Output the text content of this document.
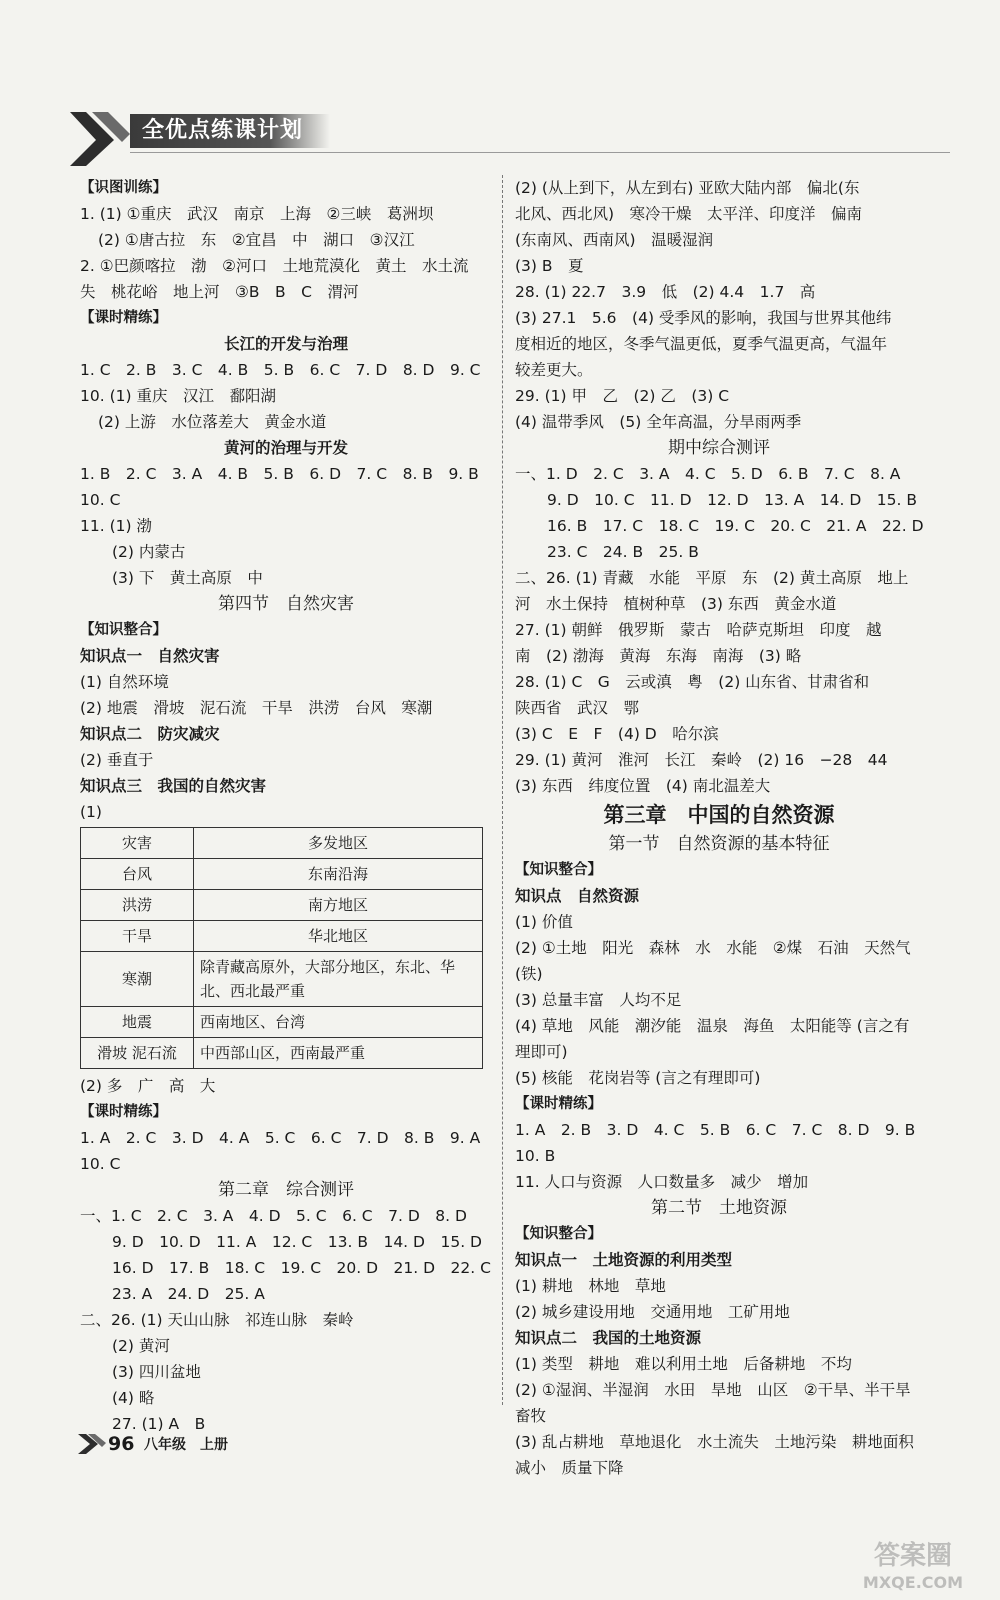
全优点练课计划
【识图训练】
1. (1) ①重庆　武汉　南京　上海　②三峡　葛洲坝
(2) ①唐古拉　东　②宜昌　中　湖口　③汉江
2. ①巴颜喀拉　渤　②河口　土地荒漠化　黄土　水土流
失　桃花峪　地上河　③B　B　C　渭河
【课时精练】
长江的开发与治理
1. C　2. B　3. C　4. B　5. B　6. C　7. D　8. D　9. C
10. (1) 重庆　汉江　鄱阳湖
(2) 上游　水位落差大　黄金水道
黄河的治理与开发
1. B　2. C　3. A　4. B　5. B　6. D　7. C　8. B　9. B
10. C
11. (1) 渤
(2) 内蒙古
(3) 下　黄土高原　中
第四节　自然灾害
【知识整合】
知识点一　自然灾害
(1) 自然环境
(2) 地震　滑坡　泥石流　干旱　洪涝　台风　寒潮
知识点二　防灾减灾
(2) 垂直于
知识点三　我国的自然灾害
(1)
灾害	多发地区
台风	东南沿海
洪涝	南方地区
干旱	华北地区
寒潮	除青藏高原外，大部分地区，东北、华北、西北最严重
地震	西南地区、台湾
滑坡 泥石流	中西部山区，西南最严重
(2) 多　广　高　大
【课时精练】
1. A　2. C　3. D　4. A　5. C　6. C　7. D　8. B　9. A
10. C
第二章　综合测评
一、1. C　2. C　3. A　4. D　5. C　6. C　7. D　8. D
9. D　10. D　11. A　12. C　13. B　14. D　15. D
16. D　17. B　18. C　19. C　20. D　21. D　22. C
23. A　24. D　25. A
二、26. (1) 天山山脉　祁连山脉　秦岭
(2) 黄河
(3) 四川盆地
(4) 略
27. (1) A　B
(2) (从上到下，从左到右) 亚欧大陆内部　偏北(东
北风、西北风)　寒冷干燥　太平洋、印度洋　偏南
(东南风、西南风)　温暖湿润
(3) B　夏
28. (1) 22.7　3.9　低　(2) 4.4　1.7　高
(3) 27.1　5.6　(4) 受季风的影响，我国与世界其他纬
度相近的地区，冬季气温更低，夏季气温更高，气温年
较差更大。
29. (1) 甲　乙　(2) 乙　(3) C
(4) 温带季风　(5) 全年高温，分旱雨两季
期中综合测评
一、1. D　2. C　3. A　4. C　5. D　6. B　7. C　8. A
9. D　10. C　11. D　12. D　13. A　14. D　15. B
16. B　17. C　18. C　19. C　20. C　21. A　22. D
23. C　24. B　25. B
二、26. (1) 青藏　水能　平原　东　(2) 黄土高原　地上
河　水土保持　植树种草　(3) 东西　黄金水道
27. (1) 朝鲜　俄罗斯　蒙古　哈萨克斯坦　印度　越
南　(2) 渤海　黄海　东海　南海　(3) 略
28. (1) C　G　云或滇　粤　(2) 山东省、甘肃省和
陕西省　武汉　鄂
(3) C　E　F　(4) D　哈尔滨
29. (1) 黄河　淮河　长江　秦岭　(2) 16　−28　44
(3) 东西　纬度位置　(4) 南北温差大
第三章　中国的自然资源
第一节　自然资源的基本特征
【知识整合】
知识点　自然资源
(1) 价值
(2) ①土地　阳光　森林　水　水能　②煤　石油　天然气
(铁)
(3) 总量丰富　人均不足
(4) 草地　风能　潮汐能　温泉　海鱼　太阳能等 (言之有
理即可)
(5) 核能　花岗岩等 (言之有理即可)
【课时精练】
1. A　2. B　3. D　4. C　5. B　6. C　7. C　8. D　9. B
10. B
11. 人口与资源　人口数量多　减少　增加
第二节　土地资源
【知识整合】
知识点一　土地资源的利用类型
(1) 耕地　林地　草地
(2) 城乡建设用地　交通用地　工矿用地
知识点二　我国的土地资源
(1) 类型　耕地　难以利用土地　后备耕地　不均
(2) ①湿润、半湿润　水田　旱地　山区　②干旱、半干旱
畜牧
(3) 乱占耕地　草地退化　水土流失　土地污染　耕地面积
减小　质量下降
96 八年级　上册
答案圈
MXQE.COM
